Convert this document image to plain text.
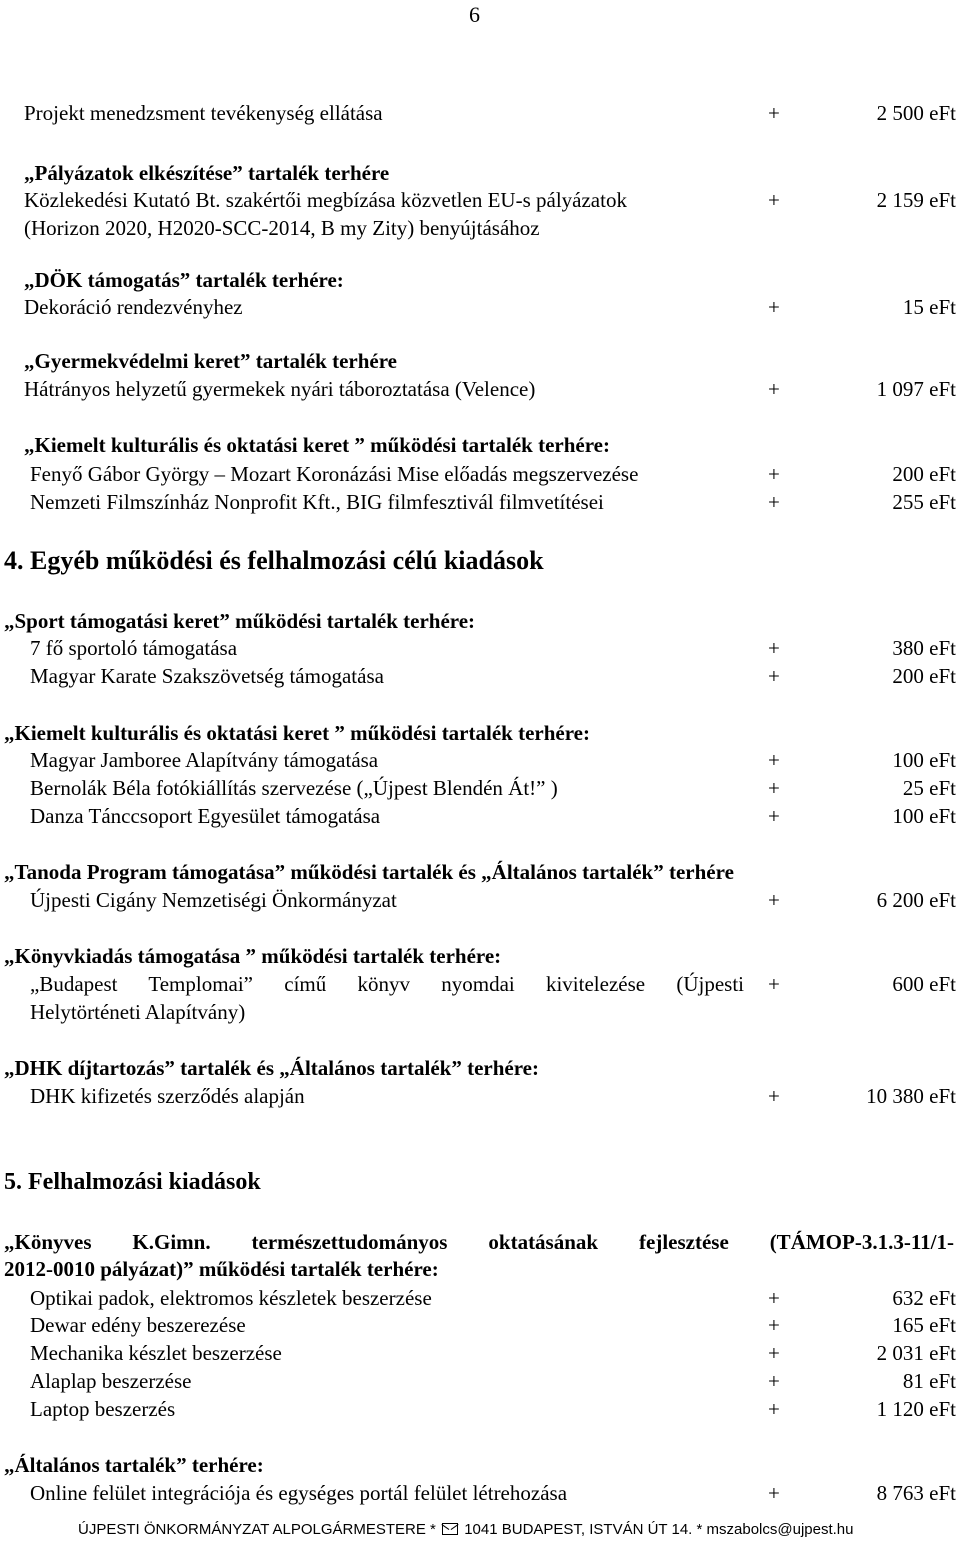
6
Projekt menedzsment tevékenység ellátása	+	2 500 eFt
„Pályázatok elkészítése” tartalék terhére
Közlekedési Kutató Bt. szakértői megbízása közvetlen EU-s pályázatok
(Horizon 2020, H2020-SCC-2014, B my Zity) benyújtásához
+	2 159 eFt
„DÖK támogatás” tartalék terhére:
Dekoráció rendezvényhez	+	15 eFt
„Gyermekvédelmi keret” tartalék terhére
Hátrányos helyzetű gyermekek nyári táboroztatása (Velence)	+	1 097 eFt
„Kiemelt kulturális és oktatási keret ” működési tartalék terhére:
Fenyő Gábor György – Mozart Koronázási Mise előadás megszervezése	+	200 eFt
Nemzeti Filmszínház Nonprofit Kft., BIG filmfesztivál filmvetítései	+	255 eFt
4. Egyéb működési és felhalmozási célú kiadások
„Sport támogatási keret” működési tartalék terhére:
7 fő sportoló támogatása	+	380 eFt
Magyar Karate Szakszövetség támogatása	+	200 eFt
„Kiemelt kulturális és oktatási keret ” működési tartalék terhére:
Magyar Jamboree Alapítvány támogatása	+	100 eFt
Bernolák Béla fotókiállítás szervezése („Újpest Blendén Át!” )	+	25 eFt
Danza Tánccsoport Egyesület támogatása	+	100 eFt
„Tanoda Program támogatása” működési tartalék és „Általános tartalék” terhére
Újpesti Cigány Nemzetiségi Önkormányzat	+	6 200 eFt
„Könyvkiadás támogatása ” működési tartalék terhére:
„Budapest Templomai” című könyv nyomdai kivitelezése (Újpesti
Helytörténeti Alapítvány)
+	600 eFt
„DHK díjtartozás” tartalék és „Általános tartalék” terhére:
DHK kifizetés szerződés alapján	+	10 380 eFt
5. Felhalmozási kiadások
„Könyves K.Gimn. természettudományos oktatásának fejlesztése (TÁMOP-3.1.3-11/1-
2012-0010 pályázat)” működési tartalék terhére:
Optikai padok, elektromos készletek beszerzése	+	632 eFt
Dewar edény beszerezése	+	165 eFt
Mechanika készlet beszerzése	+	2 031 eFt
Alaplap beszerzése	+	81 eFt
Laptop beszerzés	+	1 120 eFt
„Általános tartalék” terhére:
Online felület integrációja és egységes portál felület létrehozása	+	8 763 eFt
ÚJPESTI ÖNKORMÁNYZAT ALPOLGÁRMESTERE *  1041 BUDAPEST, ISTVÁN ÚT 14. * mszabolcs@ujpest.hu
